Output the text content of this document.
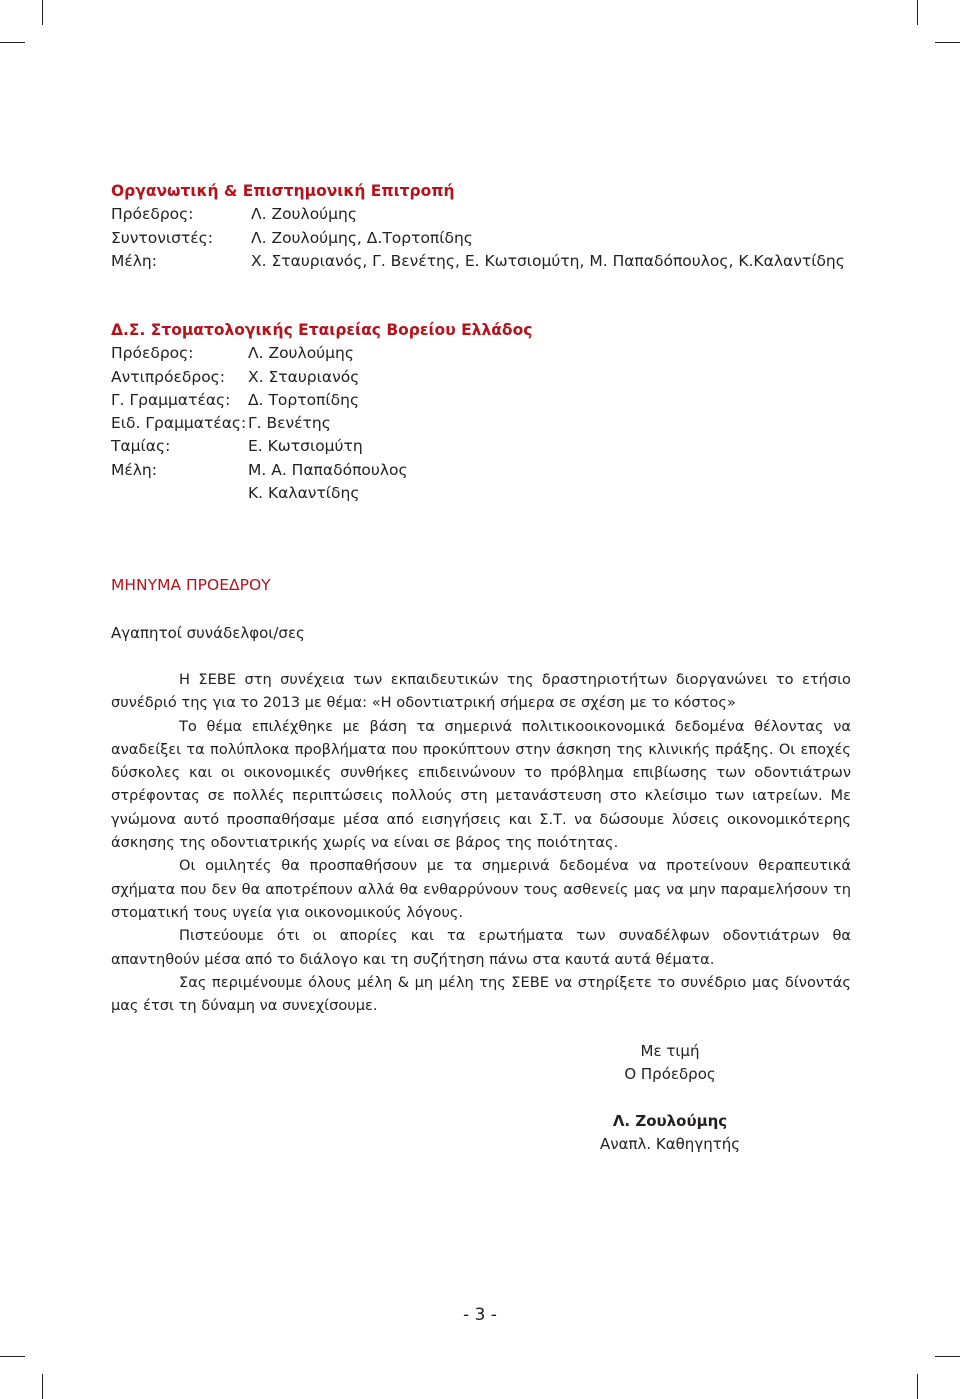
Οργανωτική & Επιστημονική Επιτροπή
Πρόεδρος:	Λ. Ζουλούμης
Συντονιστές:	Λ. Ζουλούμης, Δ.Τορτοπίδης
Μέλη:	Χ. Σταυριανός, Γ. Βενέτης, Ε. Κωτσιομύτη, Μ. Παπαδόπουλος, Κ.Καλαντίδης
Δ.Σ. Στοματολογικής Εταιρείας Βορείου Ελλάδος
Πρόεδρος:	Λ. Ζουλούμης
Αντιπρόεδρος:	Χ. Σταυριανός
Γ. Γραμματέας:	Δ. Τορτοπίδης
Ειδ. Γραμματέας: Γ. Βενέτης
Ταμίας:	Ε. Κωτσιομύτη
Μέλη:	Μ. Α. Παπαδόπουλος
Κ. Καλαντίδης
ΜΗΝΥΜΑ ΠΡΟΕΔΡΟΥ
Αγαπητοί συνάδελφοι/σες

Η ΣΕΒΕ στη συνέχεια των εκπαιδευτικών της δραστηριοτήτων διοργανώνει το ετήσιο συνέδριό της για το 2013 με θέμα: «Η οδοντιατρική σήμερα σε σχέση με το κόστος»

Το θέμα επιλέχθηκε με βάση τα σημερινά πολιτικοοικονομικά δεδομένα θέλοντας να αναδείξει τα πολύπλοκα προβλήματα που προκύπτουν στην άσκηση της κλινικής πράξης. Οι εποχές δύσκολες και οι οικονομικές συνθήκες επιδεινώνουν το πρόβλημα επιβίωσης των οδοντιάτρων στρέφοντας σε πολλές περιπτώσεις πολλούς στη μετανάστευση στο κλείσιμο των ιατρείων. Με γνώμονα αυτό προσπαθήσαμε μέσα από εισηγήσεις και Σ.Τ. να δώσουμε λύσεις οικονομικότερης άσκησης της οδοντιατρικής χωρίς να είναι σε βάρος της ποιότητας.

Οι ομιλητές θα προσπαθήσουν με τα σημερινά δεδομένα να προτείνουν θεραπευτικά σχήματα που δεν θα αποτρέπουν αλλά θα ενθαρρύνουν τους ασθενείς μας να μην παραμελήσουν τη στοματική τους υγεία για οικονομικούς λόγους.

Πιστεύουμε ότι οι απορίες και τα ερωτήματα των συναδέλφων οδοντιάτρων θα απαντηθούν μέσα από το διάλογο και τη συζήτηση πάνω στα καυτά αυτά θέματα.

Σας περιμένουμε όλους μέλη & μη μέλη της ΣΕΒΕ να στηρίξετε το συνέδριο μας δίνοντάς μας έτσι τη δύναμη να συνεχίσουμε.

Με τιμή
Ο Πρόεδρος
Λ. Ζουλούμης
Αναπλ. Καθηγητής
- 3 -
